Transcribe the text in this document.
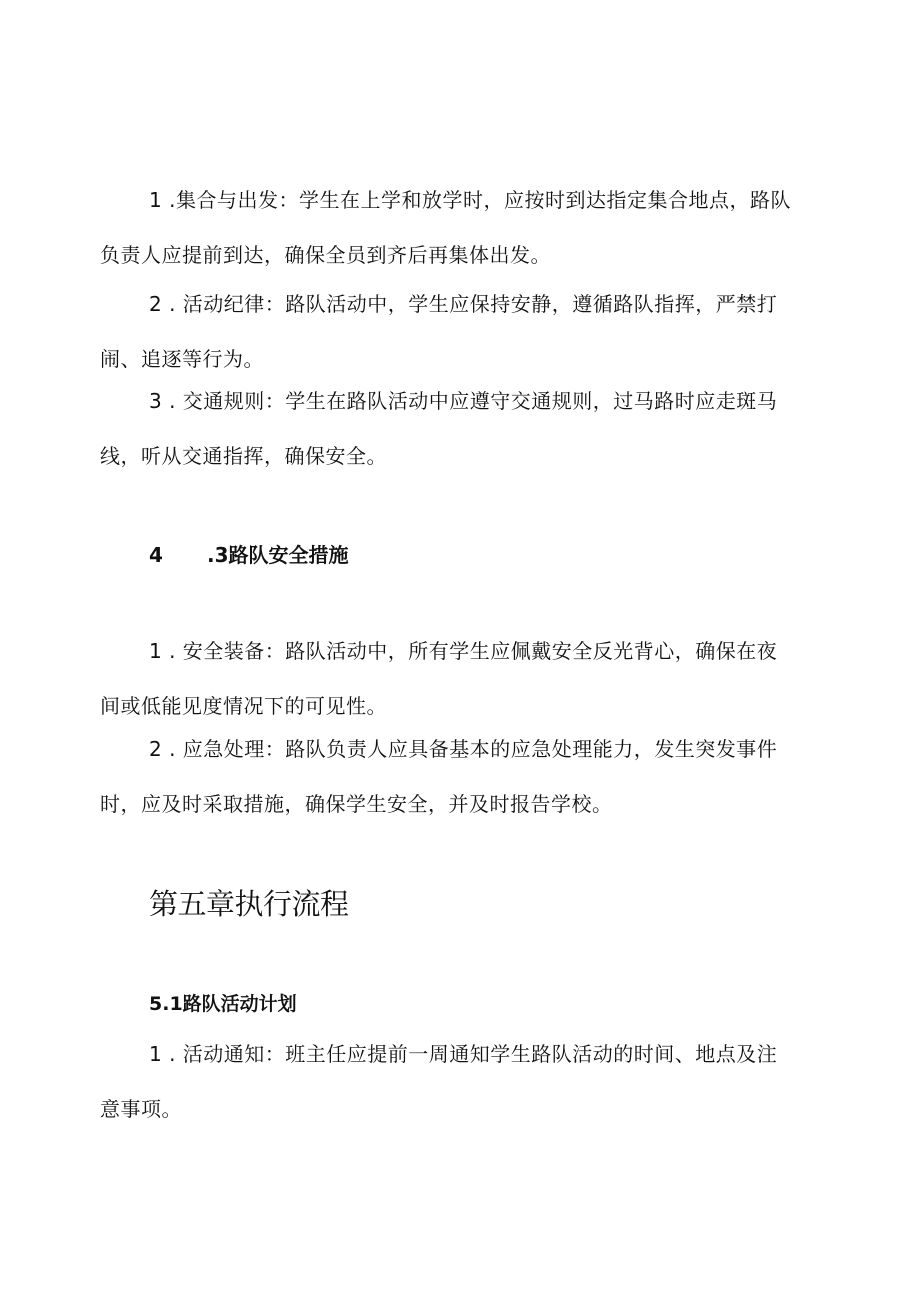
1 .集合与出发：学生在上学和放学时，应按时到达指定集合地点，路队
负责人应提前到达，确保全员到齐后再集体出发。

2 . 活动纪律：路队活动中，学生应保持安静，遵循路队指挥，严禁打
闹、追逐等行为。

3 . 交通规则：学生在路队活动中应遵守交通规则，过马路时应走斑马
线，听从交通指挥，确保安全。

4 .3路队安全措施

1 . 安全装备：路队活动中，所有学生应佩戴安全反光背心，确保在夜
间或低能见度情况下的可见性。

2 . 应急处理：路队负责人应具备基本的应急处理能力，发生突发事件
时，应及时采取措施，确保学生安全，并及时报告学校。

第五章执行流程
5.1路队活动计划

1 . 活动通知：班主任应提前一周通知学生路队活动的时间、地点及注
意事项。
